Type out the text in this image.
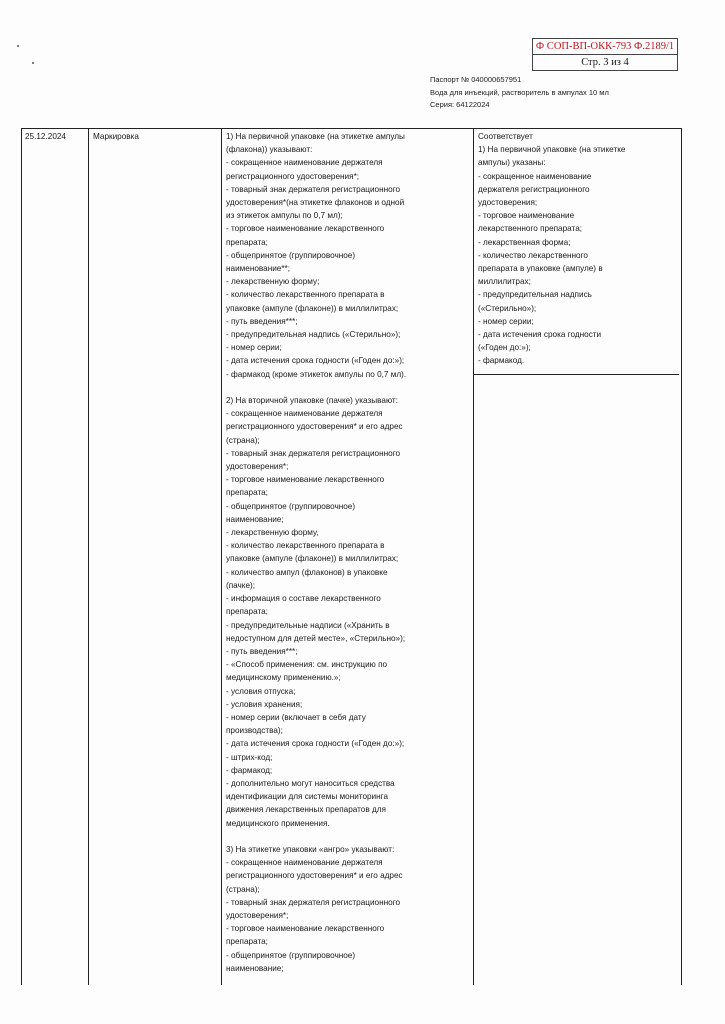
Ф СОП-ВП-ОКК-793 Ф.2189/1
Стр. 3 из 4
Паспорт № 040000657951
Вода для инъекций, растворитель в ампулах 10 мл
Серия: 64122024
25.12.2024	Маркировка	1) На первичной упаковке (на этикетке ампулы
(флакона)) указывают:
- сокращенное наименование держателя
регистрационного удостоверения*;
- товарный знак держателя регистрационного
удостоверения*(на этикетке флаконов и одной
из этикеток ампулы по 0,7 мл);
- торговое наименование лекарственного
препарата;
- общепринятое (группировочное)
наименование**;
- лекарственную форму;
- количество лекарственного препарата в
упаковке (ампуле (флаконе)) в миллилитрах;
- путь введения***;
- предупредительная надпись («Стерильно»);
- номер серии;
- дата истечения срока годности («Годен до:»);
- фармакод (кроме этикеток ампулы по 0,7 мл).
2) На вторичной упаковке (пачке) указывают:
- сокращенное наименование держателя
регистрационного удостоверения* и его адрес
(страна);
- товарный знак держателя регистрационного
удостоверения*;
- торговое наименование лекарственного
препарата;
- общепринятое (группировочное)
наименование;
- лекарственную форму,
- количество лекарственного препарата в
упаковке (ампуле (флаконе)) в миллилитрах;
- количество ампул (флаконов) в упаковке
(пачке);
- информация о составе лекарственного
препарата;
- предупредительные надписи («Хранить в
недоступном для детей месте», «Стерильно»);
- путь введения***;
- «Способ применения: см. инструкцию по
медицинскому применению.»;
- условия отпуска;
- условия хранения;
- номер серии (включает в себя дату
производства);
- дата истечения срока годности («Годен до:»);
- штрих-код;
- фармакод;
- дополнительно могут наноситься средства
идентификации для системы мониторинга
движения лекарственных препаратов для
медицинского применения.
3) На этикетке упаковки «ангро» указывают:
- сокращенное наименование держателя
регистрационного удостоверения* и его адрес
(страна);
- товарный знак держателя регистрационного
удостоверения*;
- торговое наименование лекарственного
препарата;
- общепринятое (группировочное)
наименование;
Соответствует
1) На первичной упаковке (на этикетке
ампулы) указаны:
- сокращенное наименование
держателя регистрационного
удостоверения;
- торговое наименование
лекарственного препарата;
- лекарственная форма;
- количество лекарственного
препарата в упаковке (ампуле) в
миллилитрах;
- предупредительная надпись
(«Стерильно»);
- номер серии;
- дата истечения срока годности
(«Годен до:»);
- фармакод.
